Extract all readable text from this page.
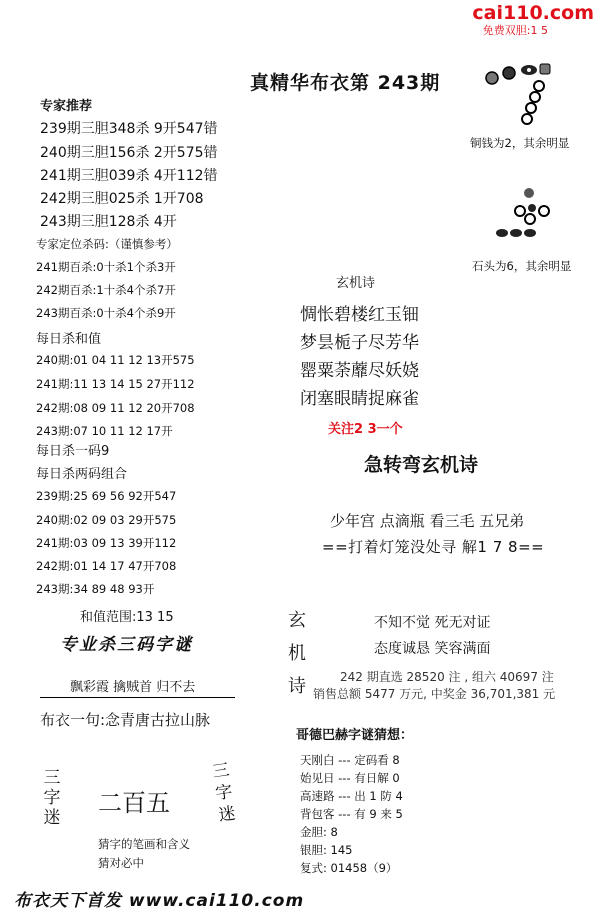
cai110.com
免费双胆:1 5
真精华布衣第 243期
专家推荐
239期三胆348杀 9开547错
240期三胆156杀 2开575错
241期三胆039杀 4开112错
242期三胆025杀 1开708
243期三胆128杀 4开
专家定位杀码:（谨慎参考）
241期百杀:0十杀1个杀3开
242期百杀:1十杀4个杀7开
243期百杀:0十杀4个杀9开
每日杀和值
240期:01 04 11 12 13开575
241期:11 13 14 15 27开112
242期:08 09 11 12 20开708
243期:07 10 11 12 17开
每日杀一码9
每日杀两码组合
239期:25 69 56 92开547
240期:02 09 03 29开575
241期:03 09 13 39开112
242期:01 14 17 47开708
243期:34 89 48 93开
和值范围:13 15
专业杀三码字谜
飘彩霞 擒贼首 归不去
布衣一句:念青唐古拉山脉
三
字
迷
二百五
三
字
迷
猜字的笔画和含义
猜对必中
铜钱为2，其余明显
石头为6，其余明显
玄机诗
惆怅碧楼红玉钿
梦昙栀子尽芳华
罂粟荼蘼尽妖娆
闭塞眼睛捉麻雀
关注2 3一个
急转弯玄机诗
少年宫 点滴瓶 看三毛 五兄弟
==打着灯笼没处寻 解1 7 8==
玄
机
诗
不知不觉 死无对证
态度诚恳 笑容满面
242 期直选 28520 注 , 组六 40697 注
销售总额 5477 万元, 中奖金 36,701,381 元
哥德巴赫字谜猜想：
天刚白 --- 定码看 8
始见日 --- 有日解 0
高速路 --- 出 1 防 4
背包客 --- 有 9 来 5
金胆: 8
银胆: 145
复式: 01458（9）
布衣天下首发 www.cai110.com
